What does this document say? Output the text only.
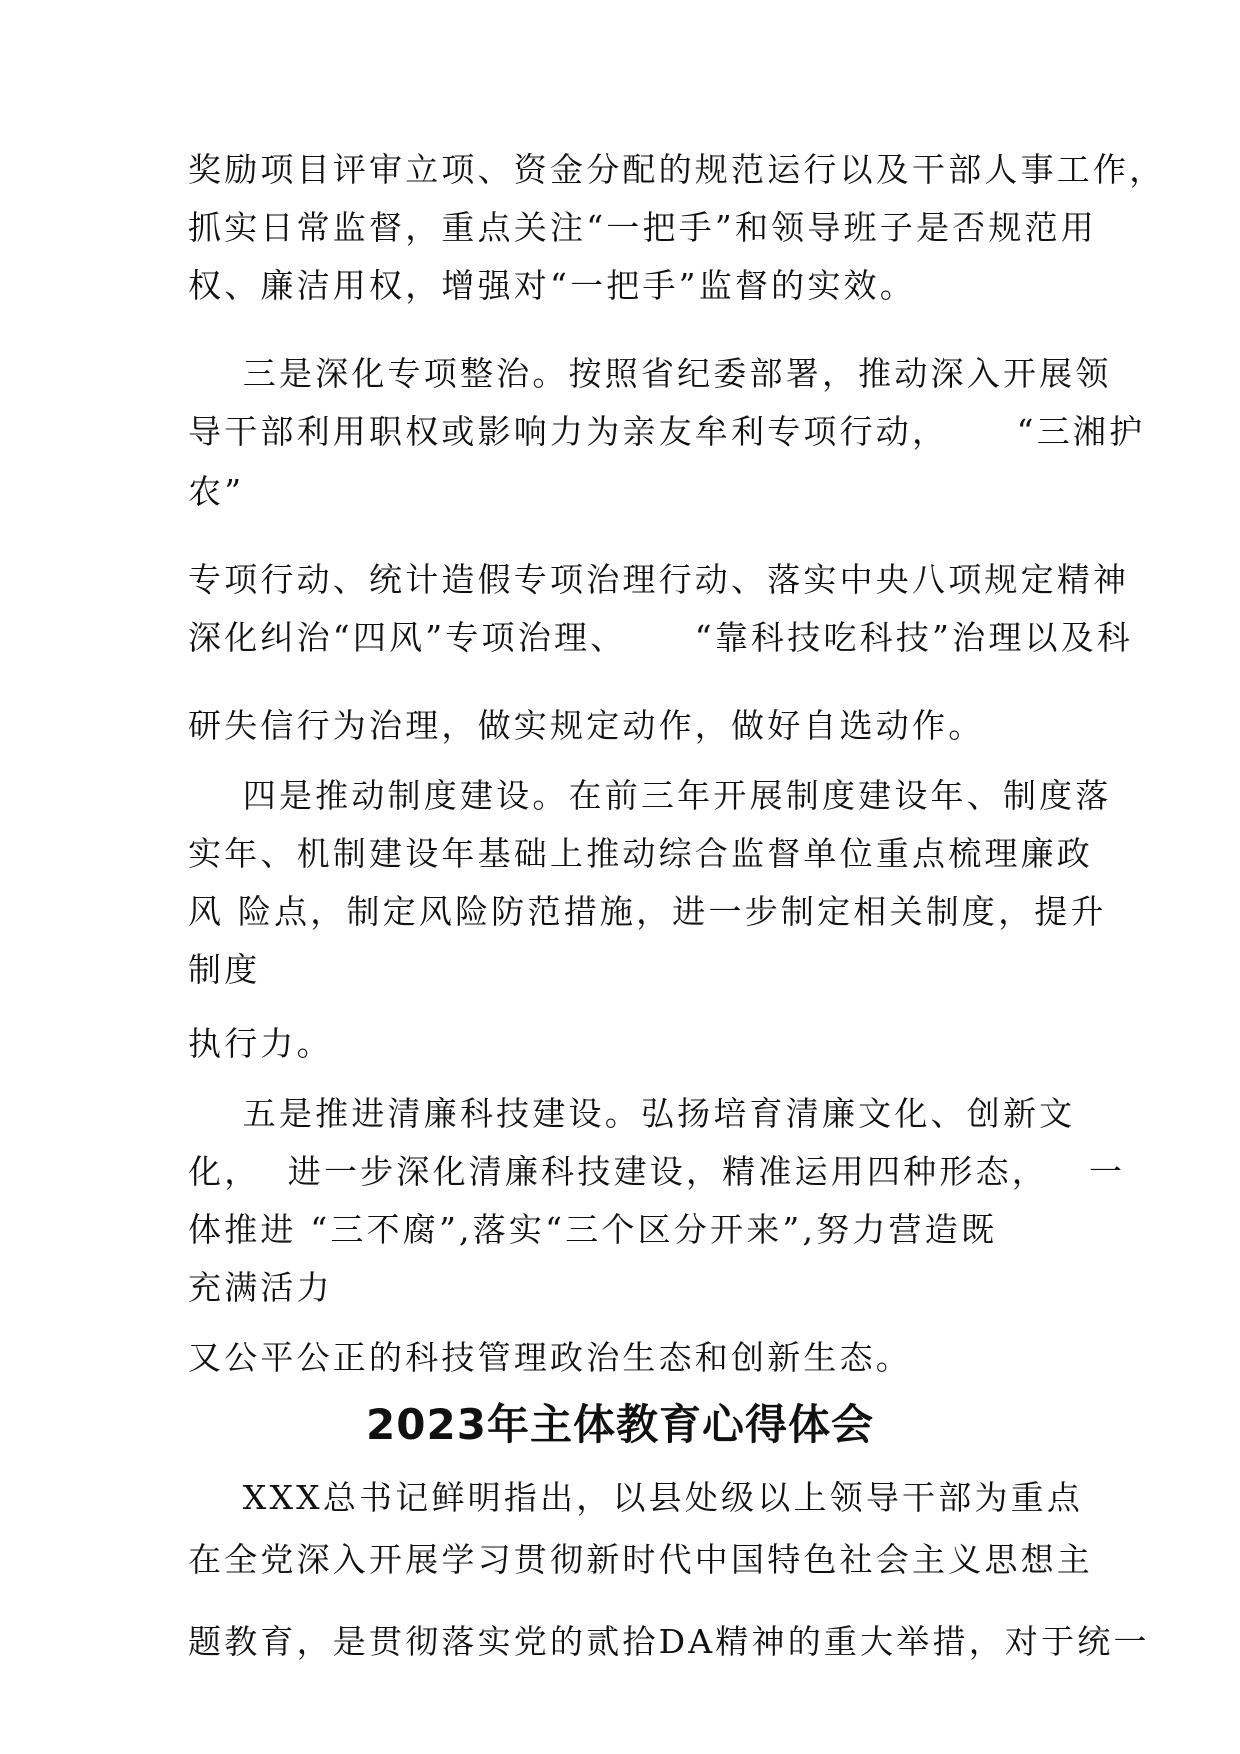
奖励项目评审立项、资金分配的规范运行以及干部人事工作，
抓实日常监督，重点关注“一把手”和领导班子是否规范用
权、廉洁用权，增强对“一把手”监督的实效。
三是深化专项整治。按照省纪委部署，推动深入开展领
导干部利用职权或影响力为亲友牟利专项行动，     “三湘护
农”
专项行动、统计造假专项治理行动、落实中央八项规定精神
深化纠治“四风”专项治理、     “靠科技吃科技”治理以及科
研失信行为治理，做实规定动作，做好自选动作。
四是推动制度建设。在前三年开展制度建设年、制度落
实年、机制建设年基础上推动综合监督单位重点梳理廉政
风 险点，制定风险防范措施，进一步制定相关制度，提升
制度
执行力。
五是推进清廉科技建设。弘扬培育清廉文化、创新文
化，  进一步深化清廉科技建设，精准运用四种形态，   一
体推进 “三不腐”,落实“三个区分开来”,努力营造既
充满活力
又公平公正的科技管理政治生态和创新生态。
2023年主体教育心得体会
XXX总书记鲜明指出，以县处级以上领导干部为重点
在全党深入开展学习贯彻新时代中国特色社会主义思想主
题教育，是贯彻落实党的贰拾DA精神的重大举措，对于统一
